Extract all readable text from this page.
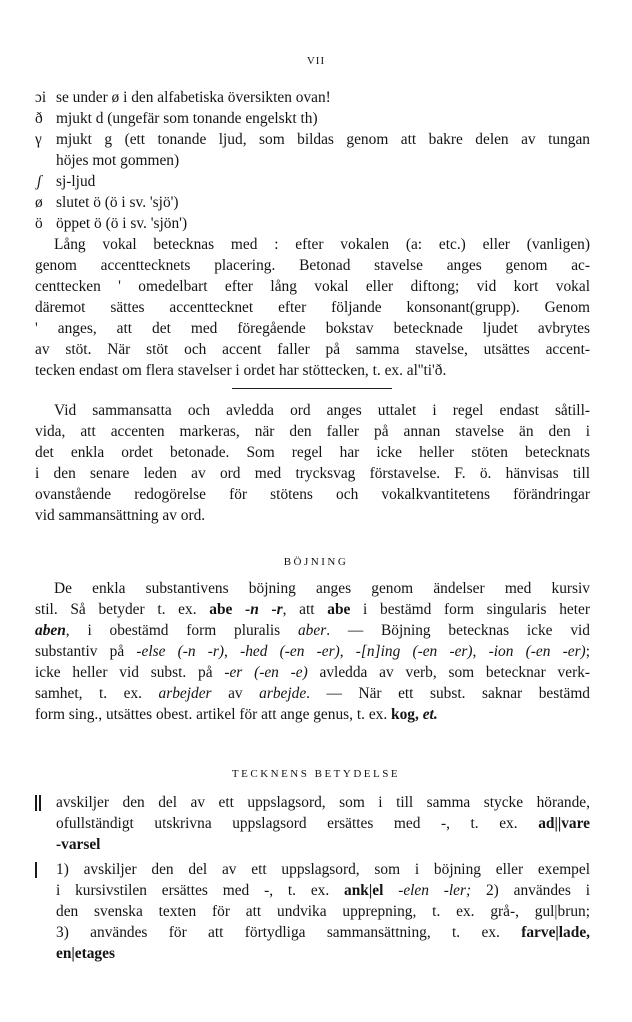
VII
ɔi se under ø i den alfabetiska översikten ovan!
ð mjukt d (ungefär som tonande engelskt th)
γ mjukt g (ett tonande ljud, som bildas genom att bakre delen av tungan
höjes mot gommen)
ʃ sj-ljud
ø slutet ö (ö i sv. 'sjö')
ö öppet ö (ö i sv. 'sjön')
Lång vokal betecknas med : efter vokalen (a: etc.) eller (vanligen)
genom accenttecknets placering. Betonad stavelse anges genom ac-
centtecken ' omedelbart efter lång vokal eller diftong; vid kort vokal
däremot sättes accenttecknet efter följande konsonant(grupp). Genom
' anges, att det med föregående bokstav betecknade ljudet avbrytes
av stöt. När stöt och accent faller på samma stavelse, utsättes accent-
tecken endast om flera stavelser i ordet har stöttecken, t. ex. al''ti'ð.
Vid sammansatta och avledda ord anges uttalet i regel endast såtill-
vida, att accenten markeras, när den faller på annan stavelse än den i
det enkla ordet betonade. Som regel har icke heller stöten betecknats
i den senare leden av ord med trycksvag förstavelse. F. ö. hänvisas till
ovanstående redogörelse för stötens och vokalkvantitetens förändringar
vid sammansättning av ord.
BÖJNING
De enkla substantivens böjning anges genom ändelser med kursiv
stil. Så betyder t. ex. abe -n -r, att abe i bestämd form singularis heter
aben, i obestämd form pluralis aber. — Böjning betecknas icke vid
substantiv på -else (-n -r), -hed (-en -er), -[n]ing (-en -er), -ion (-en -er);
icke heller vid subst. på -er (-en -e) avledda av verb, som betecknar verk-
samhet, t. ex. arbejder av arbejde. — När ett subst. saknar bestämd
form sing., utsättes obest. artikel för att ange genus, t. ex. kog, et.
TECKNENS BETYDELSE
avskiljer den del av ett uppslagsord, som i till samma stycke hörande,
ofullständigt utskrivna uppslagsord ersättes med -, t. ex. ad||vare
-varsel
1) avskiljer den del av ett uppslagsord, som i böjning eller exempel
i kursivstilen ersättes med -, t. ex. ank|el -elen -ler; 2) användes i
den svenska texten för att undvika upprepning, t. ex. grå-, gul|brun;
3) användes för att förtydliga sammansättning, t. ex. farve|lade,
en|etages
